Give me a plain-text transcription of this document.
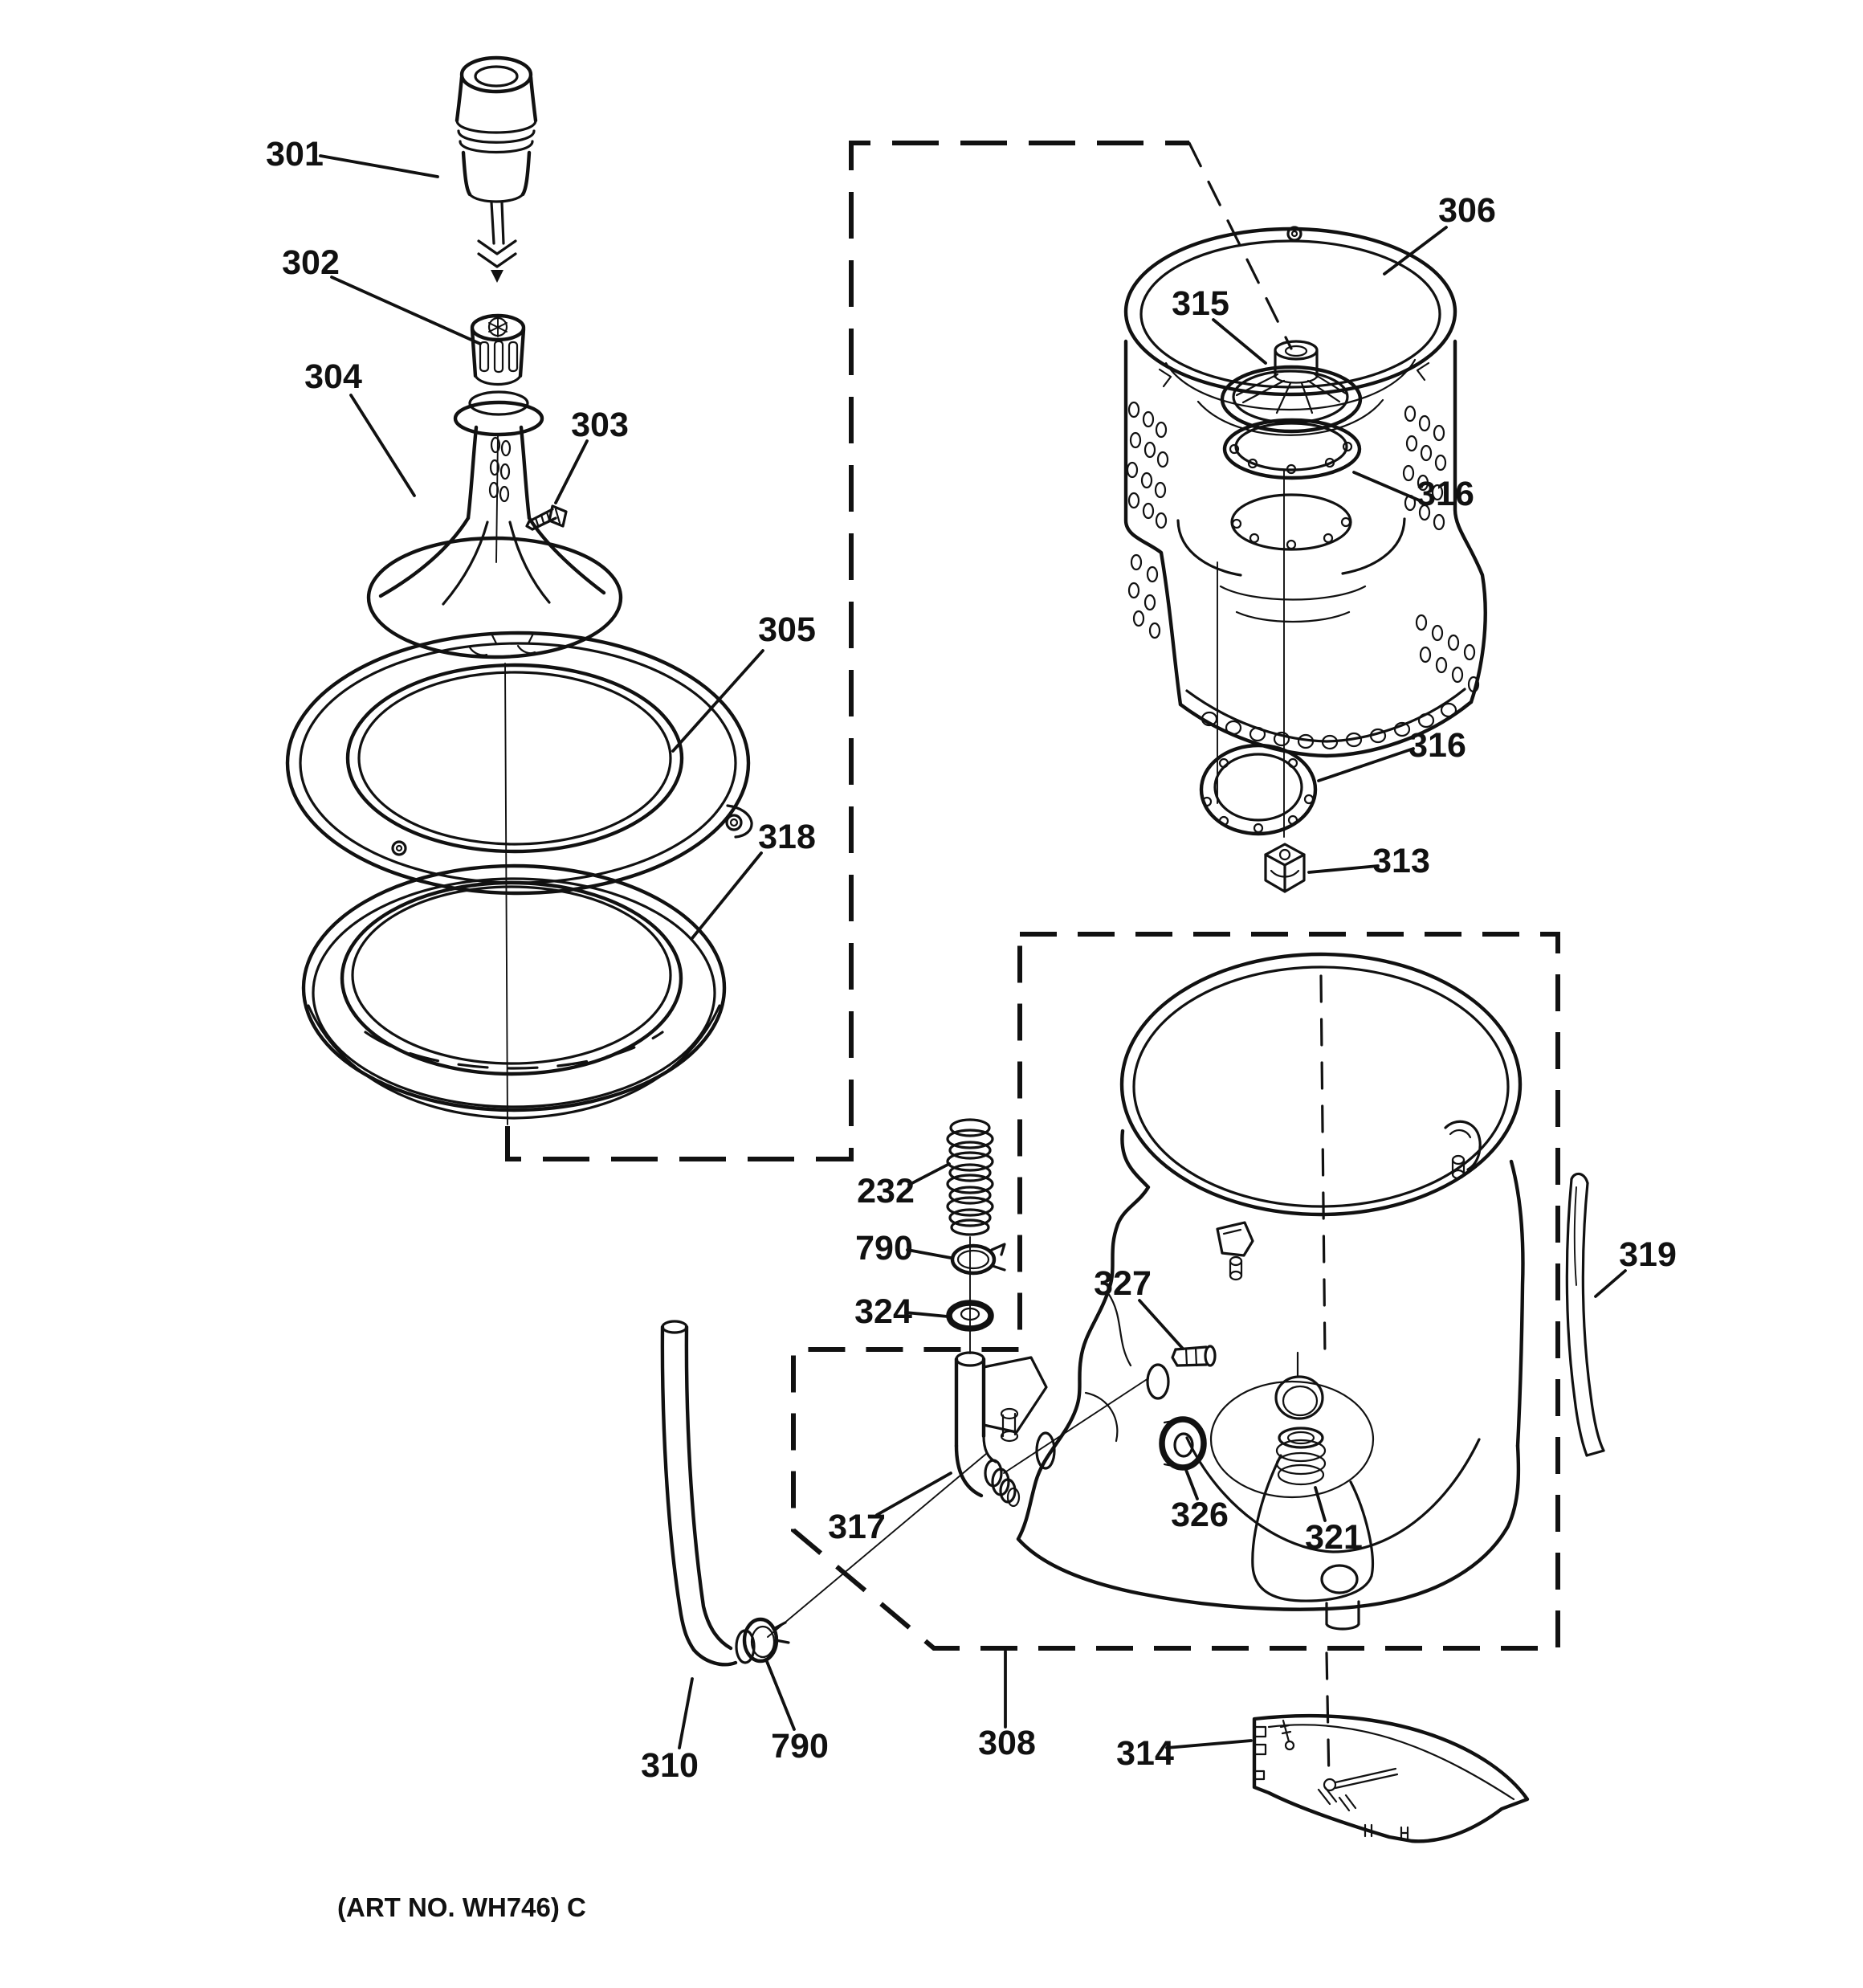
301
302
304
303
305
318
306
315
316
316
313
232
790
324
327
317	326
321
319
310 790	308 314
(ART NO. WH746) C
